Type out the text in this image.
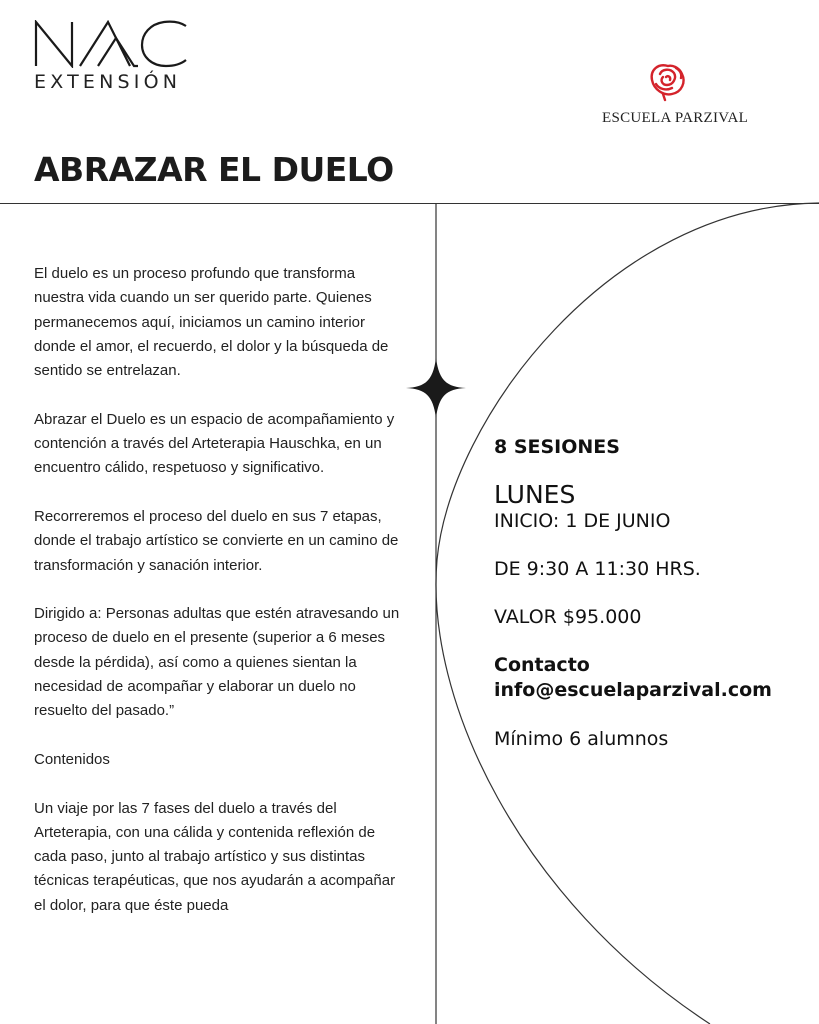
EXTENSIÓN
ESCUELA PARZIVAL
ABRAZAR EL DUELO

El duelo es un proceso profundo que transforma nuestra vida cuando un ser querido parte. Quienes permanecemos aquí, iniciamos un camino interior donde el amor, el recuerdo, el dolor y la búsqueda de sentido se entrelazan.

Abrazar el Duelo es un espacio de acompañamiento y contención a través del Arteterapia Hauschka, en un encuentro cálido, respetuoso y significativo.

Recorreremos el proceso del duelo en sus 7 etapas, donde el trabajo artístico se convierte en un camino de transformación y sanación interior.

Dirigido a: Personas adultas que estén atravesando un proceso de duelo en el presente (superior a 6 meses desde la pérdida), así como a quienes sientan la necesidad de acompañar y elaborar un duelo no resuelto del pasado.”

Contenidos

Un viaje por las 7 fases del duelo a través del Arteterapia, con una cálida y contenida reflexión de cada paso, junto al trabajo artístico y sus distintas técnicas terapéuticas, que nos ayudarán a acompañar el dolor, para que éste pueda

8 SESIONES
LUNES
INICIO: 1 DE JUNIO
DE 9:30 A 11:30 HRS.
VALOR $95.000
Contacto
info@escuelaparzival.com
Mínimo 6 alumnos
